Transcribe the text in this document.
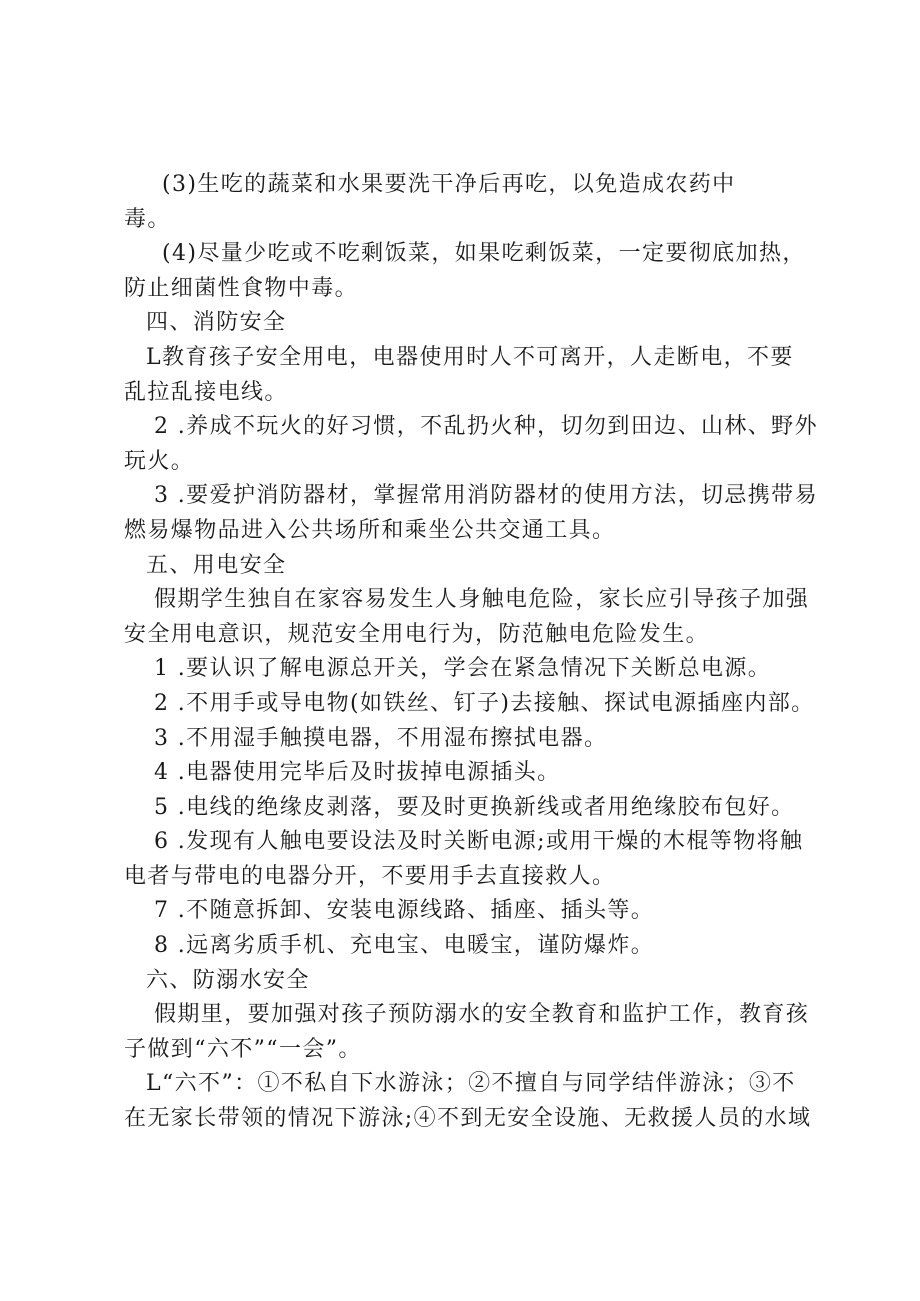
(3)生吃的蔬菜和水果要洗干净后再吃，以免造成农药中
毒。
(4)尽量少吃或不吃剩饭菜，如果吃剩饭菜，一定要彻底加热，
防止细菌性食物中毒。
四、消防安全
L教育孩子安全用电，电器使用时人不可离开，人走断电，不要
乱拉乱接电线。
2 .养成不玩火的好习惯，不乱扔火种，切勿到田边、山林、野外
玩火。
3 .要爱护消防器材，掌握常用消防器材的使用方法，切忌携带易
燃易爆物品进入公共场所和乘坐公共交通工具。
五、用电安全
假期学生独自在家容易发生人身触电危险，家长应引导孩子加强
安全用电意识，规范安全用电行为，防范触电危险发生。
1 .要认识了解电源总开关，学会在紧急情况下关断总电源。
2 .不用手或导电物(如铁丝、钉子)去接触、探试电源插座内部。
3 .不用湿手触摸电器，不用湿布擦拭电器。
4 .电器使用完毕后及时拔掉电源插头。
5 .电线的绝缘皮剥落，要及时更换新线或者用绝缘胶布包好。
6 .发现有人触电要设法及时关断电源;或用干燥的木棍等物将触
电者与带电的电器分开，不要用手去直接救人。
7 .不随意拆卸、安装电源线路、插座、插头等。
8 .远离劣质手机、充电宝、电暖宝，谨防爆炸。
六、防溺水安全
假期里，要加强对孩子预防溺水的安全教育和监护工作，教育孩
子做到“六不”“一会”。
L“六不”：①不私自下水游泳；②不擅自与同学结伴游泳；③不
在无家长带领的情况下游泳;④不到无安全设施、无救援人员的水域
